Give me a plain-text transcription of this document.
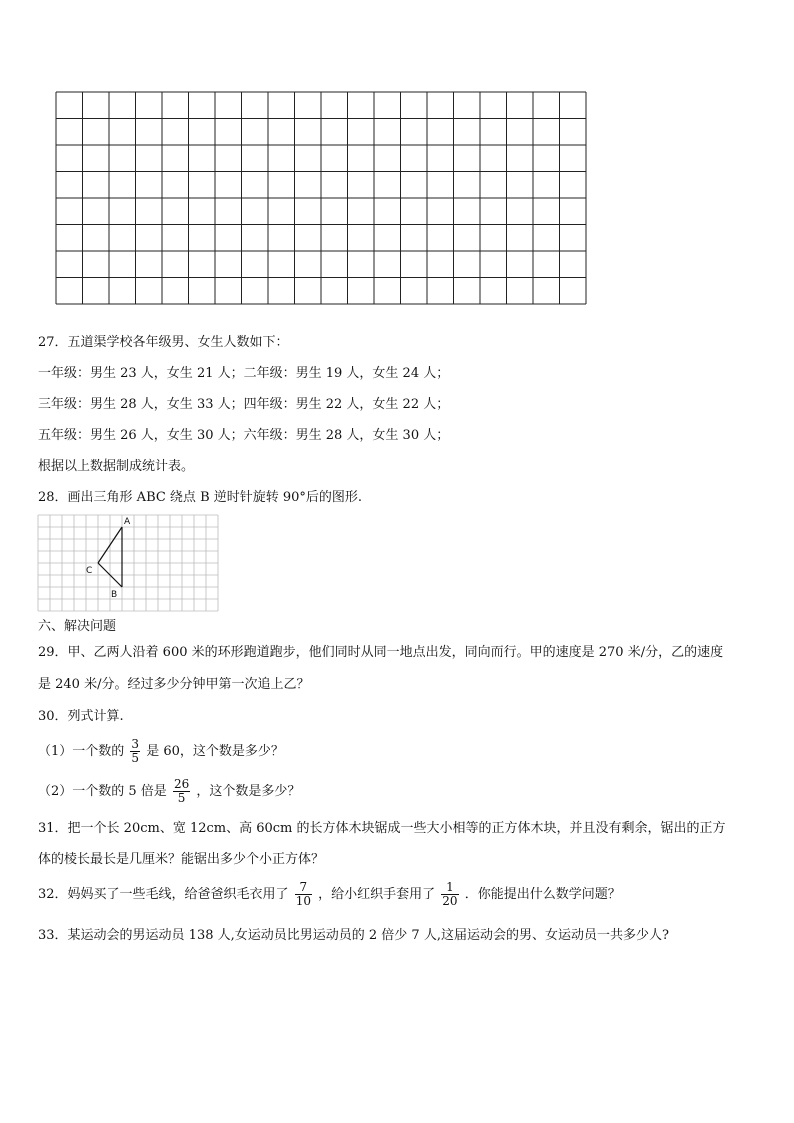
27．五道渠学校各年级男、女生人数如下：
一年级：男生 23 人，女生 21 人；二年级：男生 19 人，女生 24 人；
三年级：男生 28 人，女生 33 人；四年级：男生 22 人，女生 22 人；
五年级：男生 26 人，女生 30 人；六年级：男生 28 人，女生 30 人；
根据以上数据制成统计表。
28．画出三角形 ABC 绕点 B 逆时针旋转 90°后的图形.
A
B
C
六、解决问题
29．甲、乙两人沿着 600 米的环形跑道跑步，他们同时从同一地点出发，同向而行。甲的速度是 270 米/分，乙的速度
是 240 米/分。经过多少分钟甲第一次追上乙？
30．列式计算.
（1）一个数的 $\frac{3}{5}$ 是 60，这个数是多少？
（2）一个数的 5 倍是 $\frac{26}{5}$ ，这个数是多少？
31．把一个长 20cm、宽 12cm、高 60cm 的长方体木块锯成一些大小相等的正方体木块，并且没有剩余，锯出的正方
体的棱长最长是几厘米？能锯出多少个小正方体？
32．妈妈买了一些毛线，给爸爸织毛衣用了 $\frac{7}{10}$ ，给小红织手套用了 $\frac{1}{20}$ ．你能提出什么数学问题？
33．某运动会的男运动员 138 人,女运动员比男运动员的 2 倍少 7 人,这届运动会的男、女运动员一共多少人?
